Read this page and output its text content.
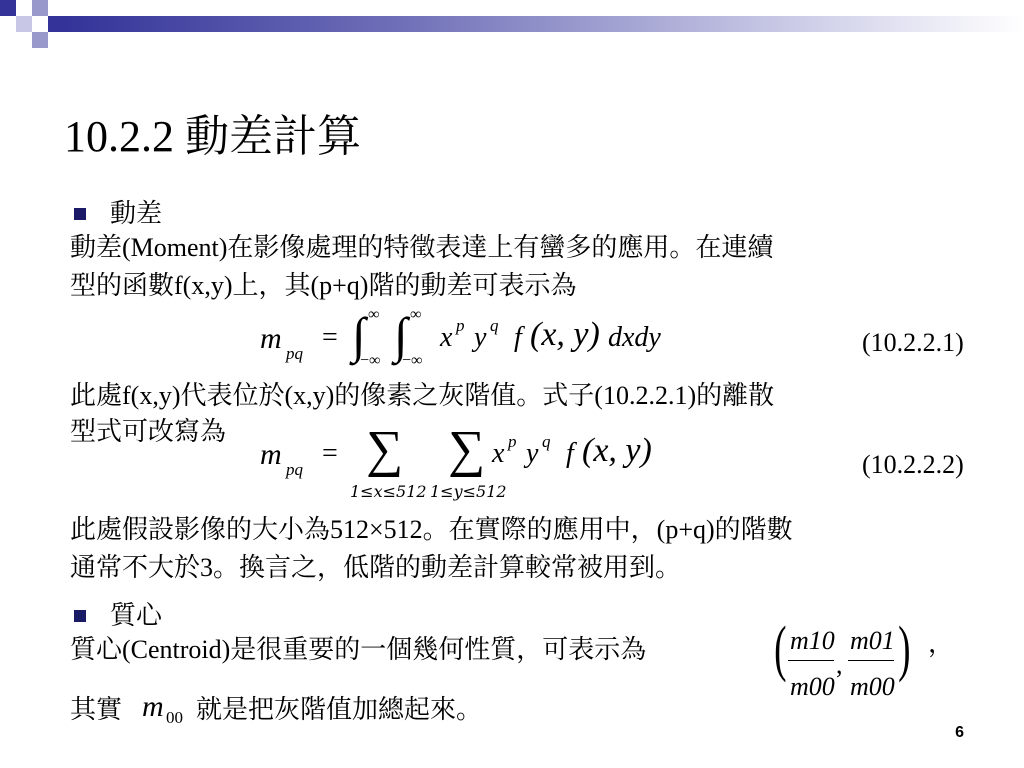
10.2.2 動差計算
動差
動差(Moment)在影像處理的特徵表達上有蠻多的應用。在連續
型的函數f(x,y)上，其(p+q)階的動差可表示為
m pq
= ∫ ∞
−∞ ∫ ∞
−∞
x p y q f (x, y) dxdy	(10.2.2.1)
此處f(x,y)代表位於(x,y)的像素之灰階值。式子(10.2.2.1)的離散
型式可改寫為
m pq
= ∑
1≤x≤512
∑
1≤y≤512
x p y q f (x, y)	(10.2.2.2)
此處假設影像的大小為512×512。在實際的應用中，(p+q)的階數
通常不大於3。換言之，低階的動差計算較常被用到。
質心
質心(Centroid)是很重要的一個幾何性質，可表示為 ( m10
m00
,
m01
m00
) ，
其實 m 00 就是把灰階值加總起來。
6
